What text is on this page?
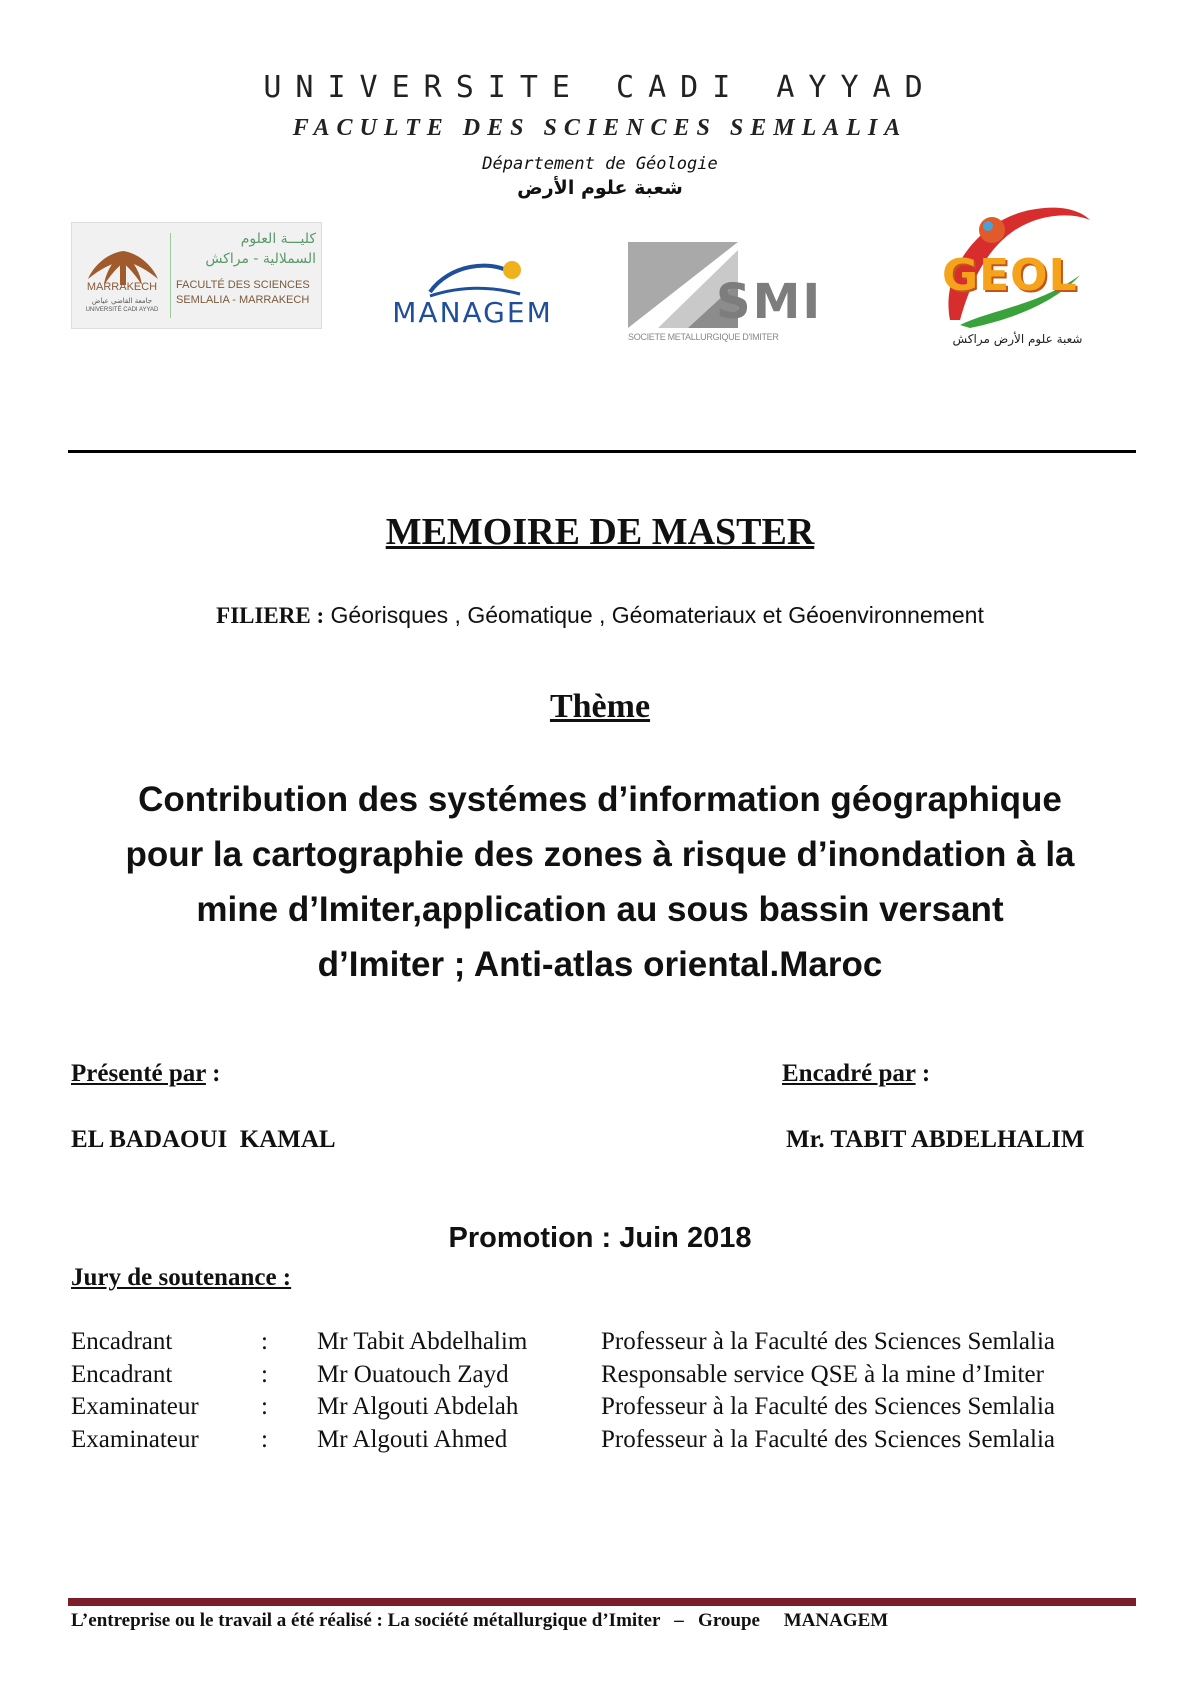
UNIVERSITE CADI AYYAD
FACULTE DES SCIENCES SEMLALIA
Département de Géologie
شعبة علوم الأرض
MARRAKECH
جامعة القاضي عياض
UNIVERSITÉ CADI AYYAD
كليـــة العلوم
السملالية - مراكش
FACULTÉ DES SCIENCES
SEMLALIA - MARRAKECH	MANAGEM	SMI
SOCIETE METALLURGIQUE D'IMITER
GEOL
شعبة علوم الأرض مراكش
MEMOIRE DE MASTER
FILIERE : Géorisques , Géomatique , Géomateriaux et Géoenvironnement
Thème
Contribution des systémes d’information géographique
pour la cartographie des zones à risque d’inondation à la
mine d’Imiter,application au sous bassin versant
d’Imiter ; Anti-atlas oriental.Maroc
Présenté par :	Encadré par :
EL BADAOUI  KAMAL	Mr. TABIT ABDELHALIM
Promotion : Juin 2018
Jury de soutenance :
Encadrant	:	Mr Tabit Abdelhalim	Professeur à la Faculté des Sciences Semlalia
Encadrant	:	Mr Ouatouch Zayd	Responsable service QSE à la mine d’Imiter
Examinateur	:	Mr Algouti Abdelah	Professeur à la Faculté des Sciences Semlalia
Examinateur	:	Mr Algouti Ahmed	Professeur à la Faculté des Sciences Semlalia
L’entreprise ou le travail a été réalisé : La société métallurgique d’Imiter   –   Groupe     MANAGEM
